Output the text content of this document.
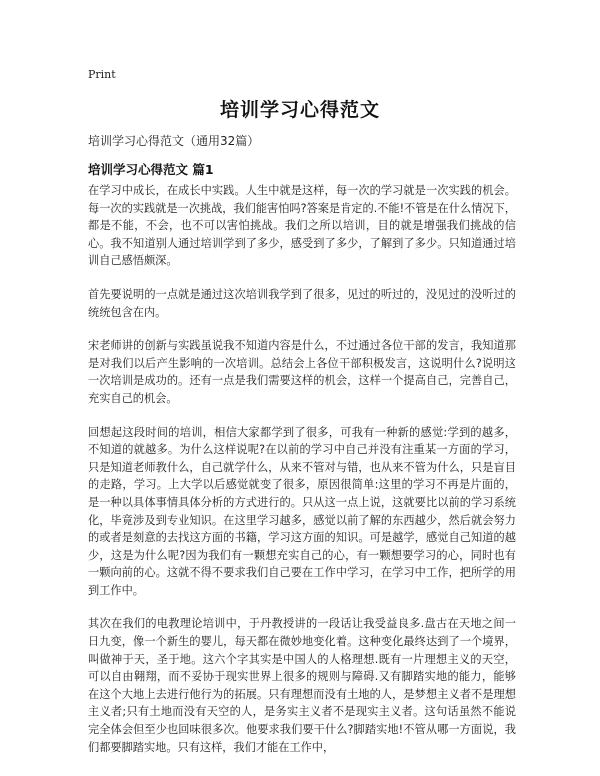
Print
培训学习心得范文
培训学习心得范文（通用32篇）
培训学习心得范文 篇1

在学习中成长，在成长中实践。人生中就是这样，每一次的学习就是一次实践的机会。每一次的实践就是一次挑战，我们能害怕吗?答案是肯定的.不能!不管是在什么情况下，都是不能，不会，也不可以害怕挑战。我们之所以培训，目的就是增强我们挑战的信心。我不知道别人通过培训学到了多少，感受到了多少，了解到了多少。只知道通过培训自己感悟颇深。

首先要说明的一点就是通过这次培训我学到了很多，见过的听过的，没见过的没听过的统统包含在内。

宋老师讲的创新与实践虽说我不知道内容是什么，不过通过各位干部的发言，我知道那是对我们以后产生影响的一次培训。总结会上各位干部积极发言，这说明什么?说明这一次培训是成功的。还有一点是我们需要这样的机会，这样一个提高自己，完善自己，充实自己的机会。

回想起这段时间的培训，相信大家都学到了很多，可我有一种新的感觉:学到的越多，不知道的就越多。为什么这样说呢?在以前的学习中自己并没有注重某一方面的学习，只是知道老师教什么，自己就学什么，从来不管对与错，也从来不管为什么，只是盲目的走路，学习。上大学以后感觉就变了很多，原因很简单:这里的学习不再是片面的，是一种以具体事情具体分析的方式进行的。只从这一点上说，这就要比以前的学习系统化，毕竟涉及到专业知识。在这里学习越多，感觉以前了解的东西越少，然后就会努力的或者是刻意的去找这方面的书籍，学习这方面的知识。可是越学，感觉自己知道的越少，这是为什么呢?因为我们有一颗想充实自己的心，有一颗想要学习的心，同时也有一颗向前的心。这就不得不要求我们自己要在工作中学习，在学习中工作，把所学的用到工作中。

其次在我们的电教理论培训中，于丹教授讲的一段话让我受益良多.盘古在天地之间一日九变，像一个新生的婴儿，每天都在微妙地变化着。这种变化最终达到了一个境界，叫做神于天，圣于地。这六个字其实是中国人的人格理想.既有一片理想主义的天空，可以自由翱翔，而不妥协于现实世界上很多的规则与障碍.又有脚踏实地的能力，能够在这个大地上去进行他行为的拓展。只有理想而没有土地的人，是梦想主义者不是理想主义者;只有土地而没有天空的人，是务实主义者不是现实主义者。这句话虽然不能说完全体会但至少也回味很多次。他要求我们要干什么?脚踏实地!不管从哪一方面说，我们都要脚踏实地。只有这样，我们才能在工作中，
